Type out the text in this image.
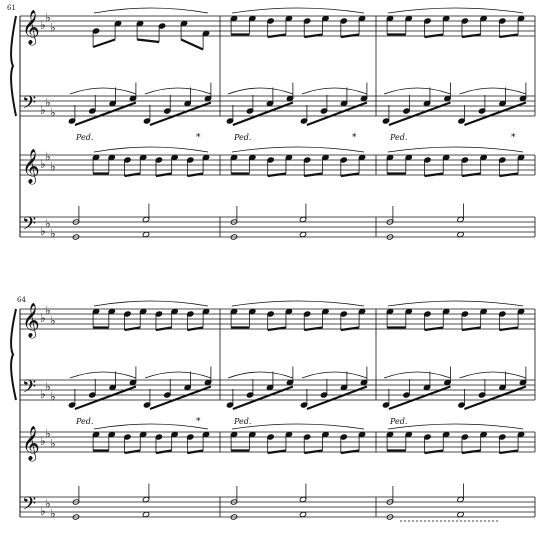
𝄞 ♭
♭
♭
𝄢 ♭
♭
♭
𝄞 ♭
♭
♭
𝄢 ♭
♭
♭
Ped.	*	Ped.	*	Ped.	*
𝄞 ♭
♭
♭
𝄢 ♭
♭
♭
𝄞 ♭
♭
♭
𝄢 ♭
♭
♭
Ped.	*	Ped.	Ped.
61
64
